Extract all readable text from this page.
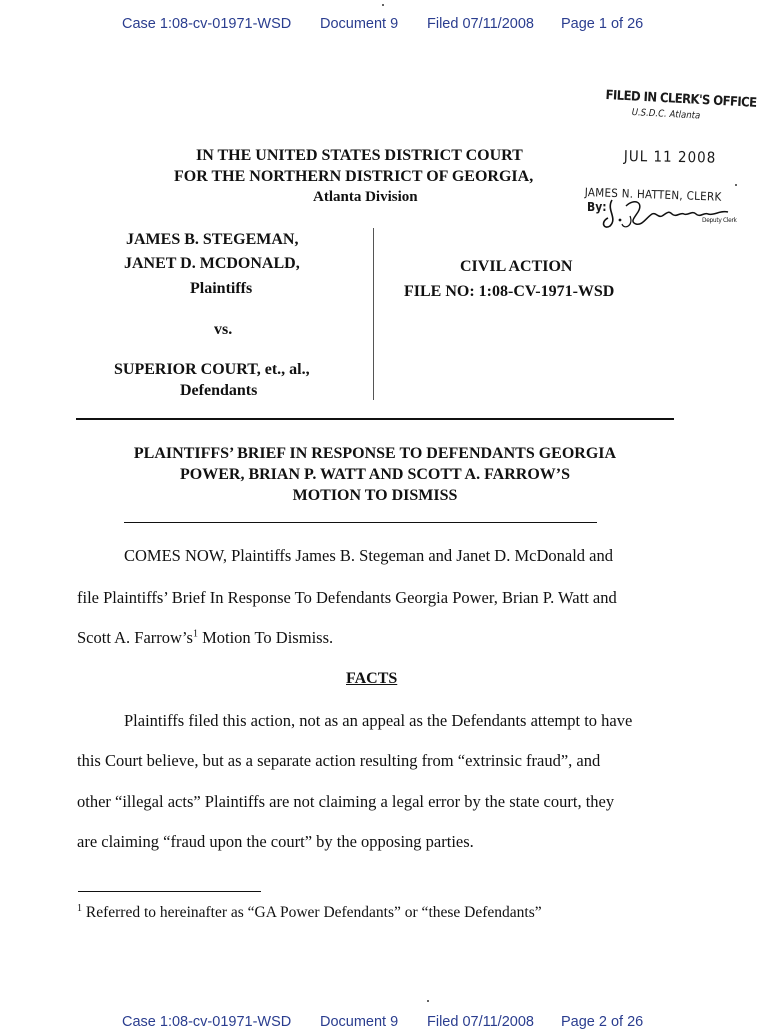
Case 1:08-cv-01971-WSD Document 9 Filed 07/11/2008 Page 1 of 26
FILED IN CLERK'S OFFICE
U.S.D.C. Atlanta
JUL 11 2008
JAMES N. HATTEN, CLERK
By:
Deputy Clerk
IN THE UNITED STATES DISTRICT COURT
FOR THE NORTHERN DISTRICT OF GEORGIA,
Atlanta Division
JAMES B. STEGEMAN,
JANET D. MCDONALD,
Plaintiffs
vs.
SUPERIOR COURT, et., al.,
Defendants
CIVIL ACTION
FILE NO: 1:08-CV-1971-WSD
PLAINTIFFS’ BRIEF IN RESPONSE TO DEFENDANTS GEORGIA
POWER, BRIAN P. WATT AND SCOTT A. FARROW’S
MOTION TO DISMISS
COMES NOW, Plaintiffs James B. Stegeman and Janet D. McDonald and
file Plaintiffs’ Brief In Response To Defendants Georgia Power, Brian P. Watt and
Scott A. $Farrow’s^1$ Motion To Dismiss.
FACTS
Plaintiffs filed this action, not as an appeal as the Defendants attempt to have
this Court believe, but as a separate action resulting from “extrinsic fraud”, and
other “illegal acts” Plaintiffs are not claiming a legal error by the state court, they
are claiming “fraud upon the court” by the opposing parties.
$^1$ Referred to hereinafter as “GA Power Defendants” or “these Defendants”
Case 1:08-cv-01971-WSD Document 9 Filed 07/11/2008 Page 2 of 26
